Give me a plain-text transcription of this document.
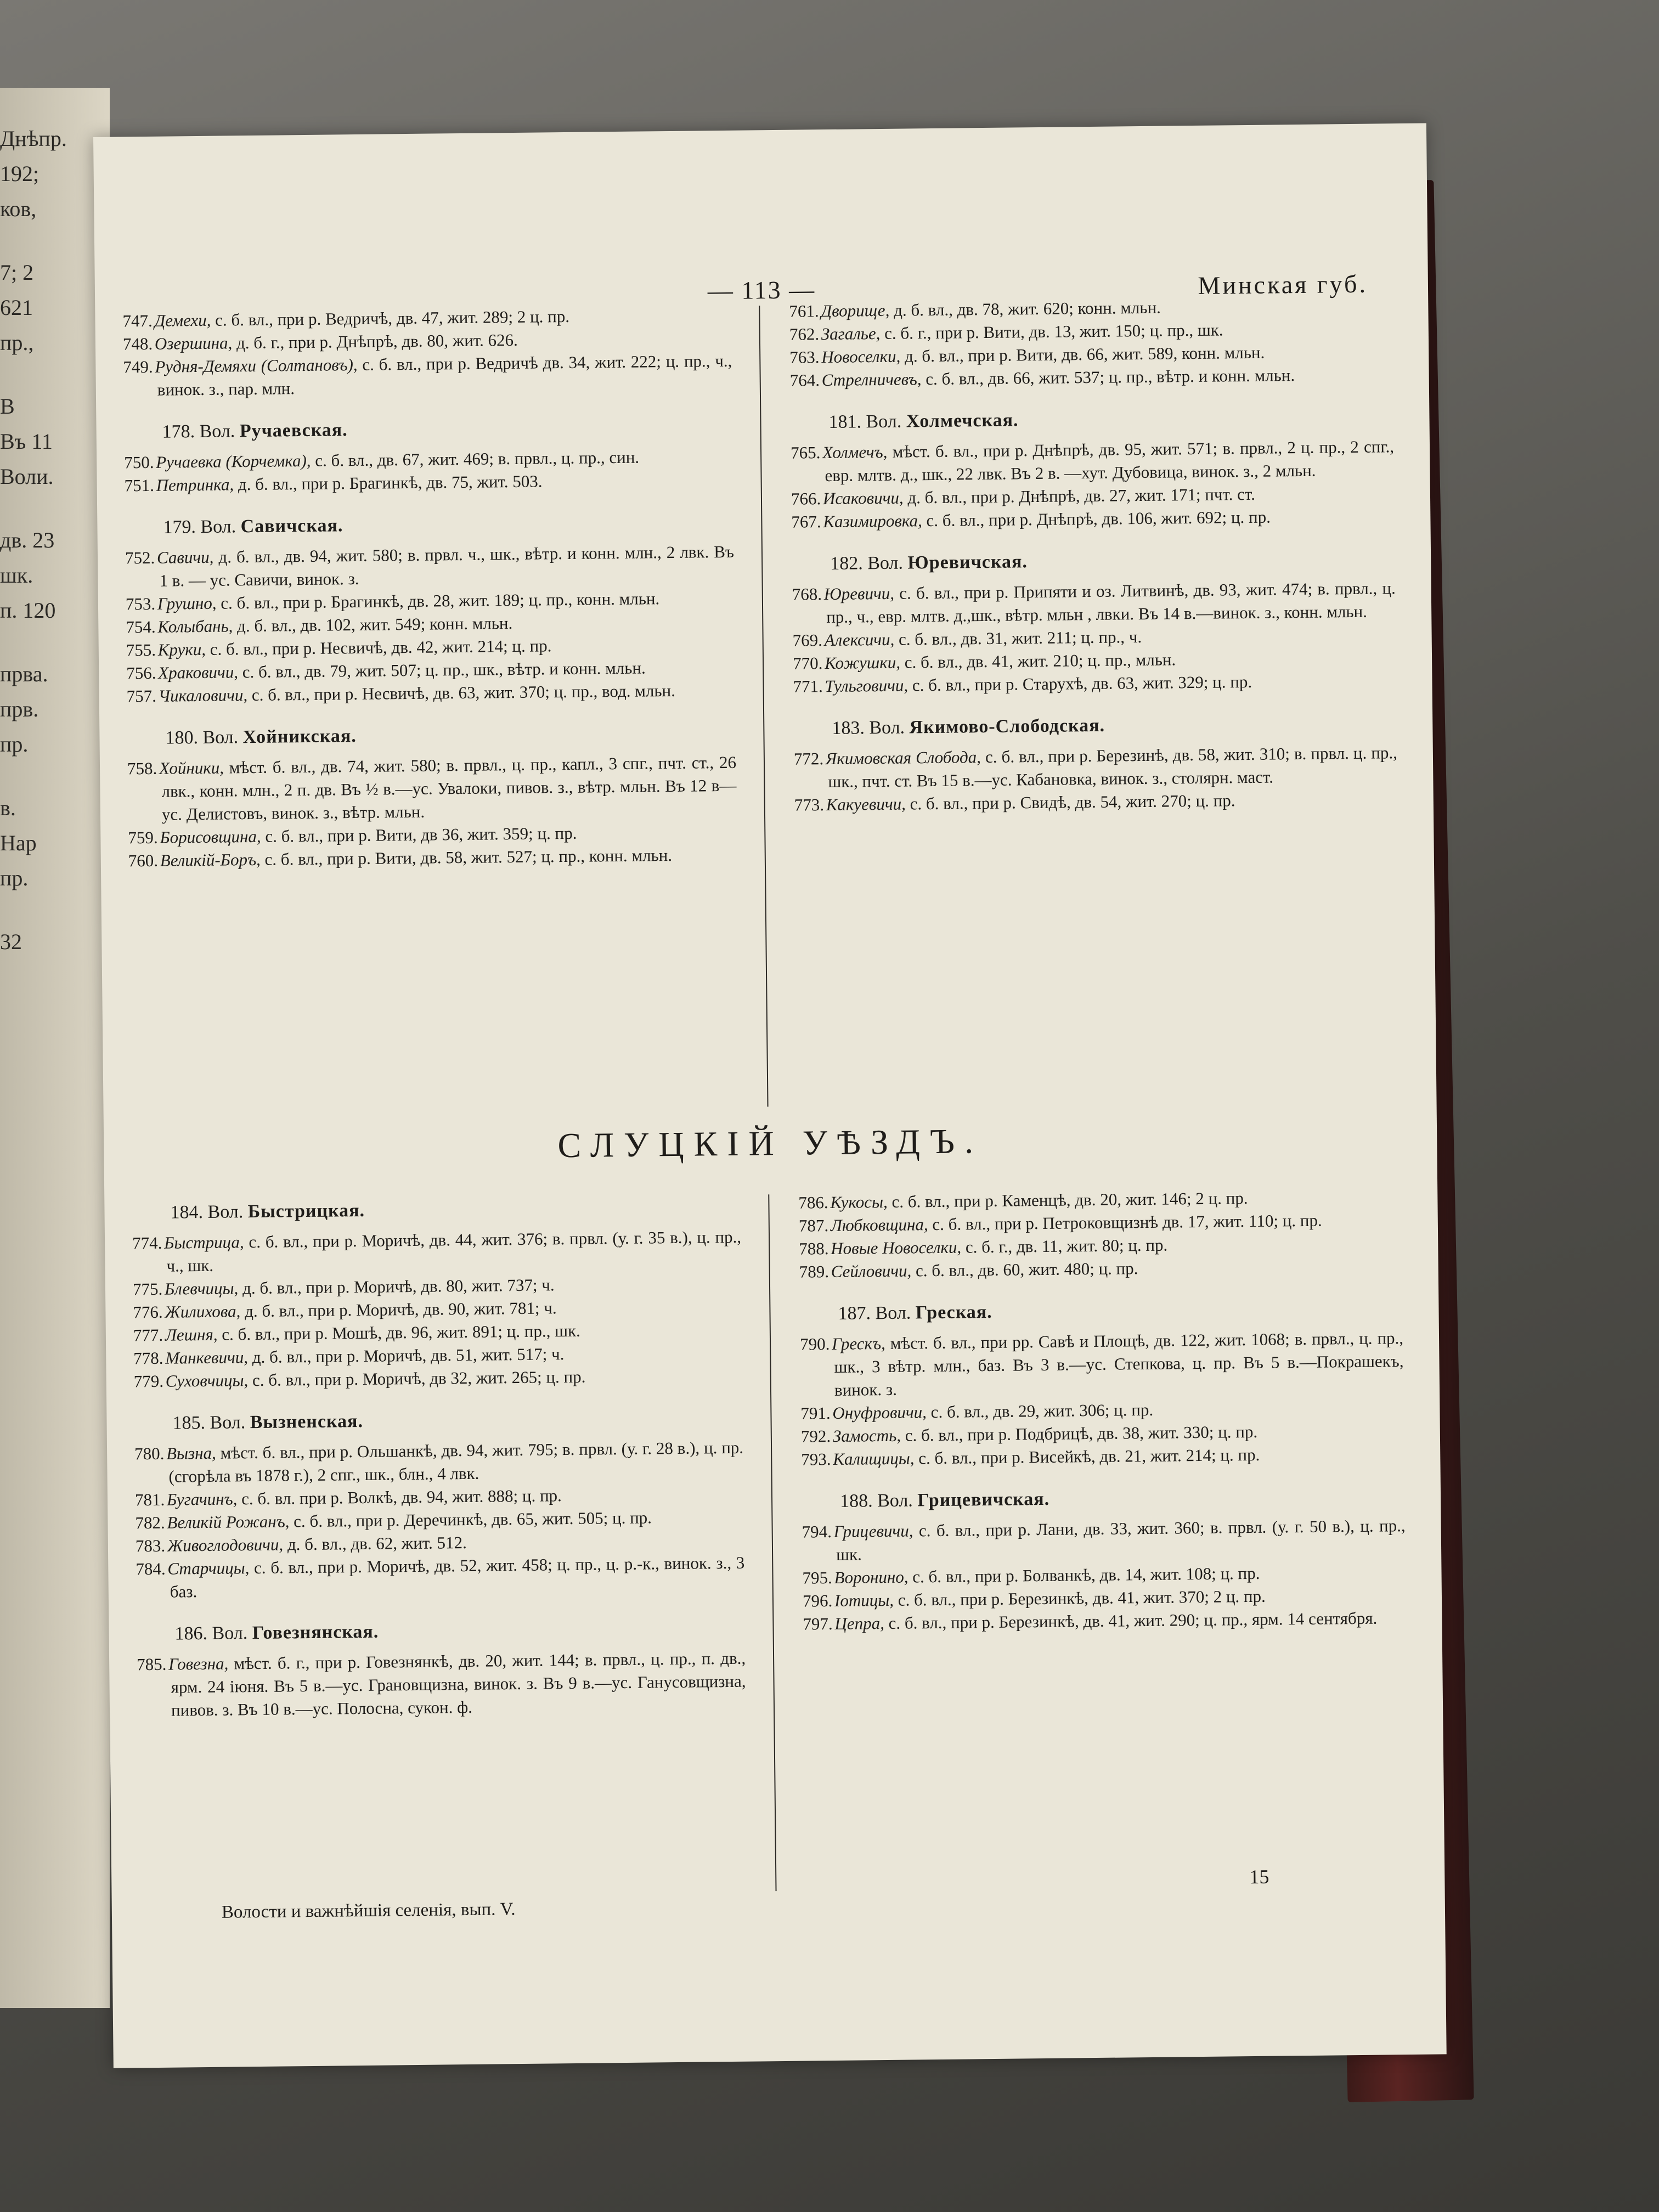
Днѣпр.
192;
ков,
7; 2
621
пр.,
B
Въ 11
Воли.
дв. 23
шк.
п. 120
прва.
прв.
пр.
в.
Нар
пр.
32
— 113 —	Минская губ.

747. Демехи, с. б. вл., при р. Ведричѣ, дв. 47, жит. 289; 2 ц. пр.

748. Озершина, д. б. г., при р. Днѣпрѣ, дв. 80, жит. 626.

749. Рудня-Демяхи (Солтановъ), с. б. вл., при р. Ведричѣ дв. 34, жит. 222; ц. пр., ч., винок. з., пар. млн.

178. Вол. Ручаевская.

750. Ручаевка (Корчемка), с. б. вл., дв. 67, жит. 469; в. првл., ц. пр., син.

751. Петринка, д. б. вл., при р. Брагинкѣ, дв. 75, жит. 503.

179. Вол. Савичская.

752. Савичи, д. б. вл., дв. 94, жит. 580; в. првл. ч., шк., вѣтр. и конн. млн., 2 лвк. Въ 1 в. — ус. Савичи, винок. з.

753. Грушно, с. б. вл., при р. Брагинкѣ, дв. 28, жит. 189; ц. пр., конн. мльн.

754. Колыбань, д. б. вл., дв. 102, жит. 549; конн. мльн.

755. Круки, с. б. вл., при р. Несвичѣ, дв. 42, жит. 214; ц. пр.

756. Храковичи, с. б. вл., дв. 79, жит. 507; ц. пр., шк., вѣтр. и конн. мльн.

757. Чикаловичи, с. б. вл., при р. Несвичѣ, дв. 63, жит. 370; ц. пр., вод. мльн.

180. Вол. Хойникская.

758. Хойники, мѣст. б. вл., дв. 74, жит. 580; в. првл., ц. пр., капл., 3 спг., пчт. ст., 26 лвк., конн. млн., 2 п. дв. Въ ½ в.—ус. Увалоки, пивов. з., вѣтр. мльн. Въ 12 в—ус. Делистовъ, винок. з., вѣтр. мльн.

759. Борисовщина, с. б. вл., при р. Вити, дв 36, жит. 359; ц. пр.

760. Великій-Боръ, с. б. вл., при р. Вити, дв. 58, жит. 527; ц. пр., конн. мльн.

761. Дворище, д. б. вл., дв. 78, жит. 620; конн. мльн.

762. Загалье, с. б. г., при р. Вити, дв. 13, жит. 150; ц. пр., шк.

763. Новоселки, д. б. вл., при р. Вити, дв. 66, жит. 589, конн. мльн.

764. Стрелничевъ, с. б. вл., дв. 66, жит. 537; ц. пр., вѣтр. и конн. мльн.

181. Вол. Холмечская.

765. Холмечъ, мѣст. б. вл., при р. Днѣпрѣ, дв. 95, жит. 571; в. првл., 2 ц. пр., 2 спг., евр. млтв. д., шк., 22 лвк. Въ 2 в. —хут. Дубовица, винок. з., 2 мльн.

766. Исаковичи, д. б. вл., при р. Днѣпрѣ, дв. 27, жит. 171; пчт. ст.

767. Казимировка, с. б. вл., при р. Днѣпрѣ, дв. 106, жит. 692; ц. пр.

182. Вол. Юревичская.

768. Юревичи, с. б. вл., при р. Припяти и оз. Литвинѣ, дв. 93, жит. 474; в. првл., ц. пр., ч., евр. млтв. д.,шк., вѣтр. мльн , лвки. Въ 14 в.—винок. з., конн. мльн.

769. Алексичи, с. б. вл., дв. 31, жит. 211; ц. пр., ч.

770. Кожушки, с. б. вл., дв. 41, жит. 210; ц. пр., мльн.

771. Тульговичи, с. б. вл., при р. Старухѣ, дв. 63, жит. 329; ц. пр.

183. Вол. Якимово-Слободская.

772. Якимовская Слобода, с. б. вл., при р. Березинѣ, дв. 58, жит. 310; в. првл. ц. пр., шк., пчт. ст. Въ 15 в.—ус. Кабановка, винок. з., столярн. маст.

773. Какуевичи, с. б. вл., при р. Свидѣ, дв. 54, жит. 270; ц. пр.

СЛУЦКІЙ УѢЗДЪ.
184. Вол. Быстрицкая.

774. Быстрица, с. б. вл., при р. Моричѣ, дв. 44, жит. 376; в. првл. (у. г. 35 в.), ц. пр., ч., шк.

775. Блевчицы, д. б. вл., при р. Моричѣ, дв. 80, жит. 737; ч.

776. Жилихова, д. б. вл., при р. Моричѣ, дв. 90, жит. 781; ч.

777. Лешня, с. б. вл., при р. Мошѣ, дв. 96, жит. 891; ц. пр., шк.

778. Манкевичи, д. б. вл., при р. Моричѣ, дв. 51, жит. 517; ч.

779. Суховчицы, с. б. вл., при р. Моричѣ, дв 32, жит. 265; ц. пр.

185. Вол. Вызненская.

780. Вызна, мѣст. б. вл., при р. Ольшанкѣ, дв. 94, жит. 795; в. првл. (у. г. 28 в.), ц. пр. (сгорѣла въ 1878 г.), 2 спг., шк., блн., 4 лвк.

781. Бугачинъ, с. б. вл. при р. Волкѣ, дв. 94, жит. 888; ц. пр.

782. Великій Рожанъ, с. б. вл., при р. Деречинкѣ, дв. 65, жит. 505; ц. пр.

783. Живоглодовичи, д. б. вл., дв. 62, жит. 512.

784. Старчицы, с. б. вл., при р. Моричѣ, дв. 52, жит. 458; ц. пр., ц. р.-к., винок. з., 3 баз.

186. Вол. Говезнянская.

785. Говезна, мѣст. б. г., при р. Говезнянкѣ, дв. 20, жит. 144; в. првл., ц. пр., п. дв., ярм. 24 іюня. Въ 5 в.—ус. Грановщизна, винок. з. Въ 9 в.—ус. Ганусовщизна, пивов. з. Въ 10 в.—ус. Полосна, сукон. ф.

786. Кукосы, с. б. вл., при р. Каменцѣ, дв. 20, жит. 146; 2 ц. пр.

787. Любковщина, с. б. вл., при р. Петроковщизнѣ дв. 17, жит. 110; ц. пр.

788. Новые Новоселки, с. б. г., дв. 11, жит. 80; ц. пр.

789. Сейловичи, с. б. вл., дв. 60, жит. 480; ц. пр.

187. Вол. Греская.

790. Грескъ, мѣст. б. вл., при рр. Савѣ и Площѣ, дв. 122, жит. 1068; в. првл., ц. пр., шк., 3 вѣтр. млн., баз. Въ 3 в.—ус. Степкова, ц. пр. Въ 5 в.—Покрашекъ, винок. з.

791. Онуфровичи, с. б. вл., дв. 29, жит. 306; ц. пр.

792. Замость, с. б. вл., при р. Подбрицѣ, дв. 38, жит. 330; ц. пр.

793. Калищицы, с. б. вл., при р. Висейкѣ, дв. 21, жит. 214; ц. пр.

188. Вол. Грицевичская.

794. Грицевичи, с. б. вл., при р. Лани, дв. 33, жит. 360; в. првл. (у. г. 50 в.), ц. пр., шк.

795. Воронино, с. б. вл., при р. Болванкѣ, дв. 14, жит. 108; ц. пр.

796. Іотицы, с. б. вл., при р. Березинкѣ, дв. 41, жит. 370; 2 ц. пр.

797. Цепра, с. б. вл., при р. Березинкѣ, дв. 41, жит. 290; ц. пр., ярм. 14 сентября.

Волости и важнѣйшія селенія, вып. V.
15
